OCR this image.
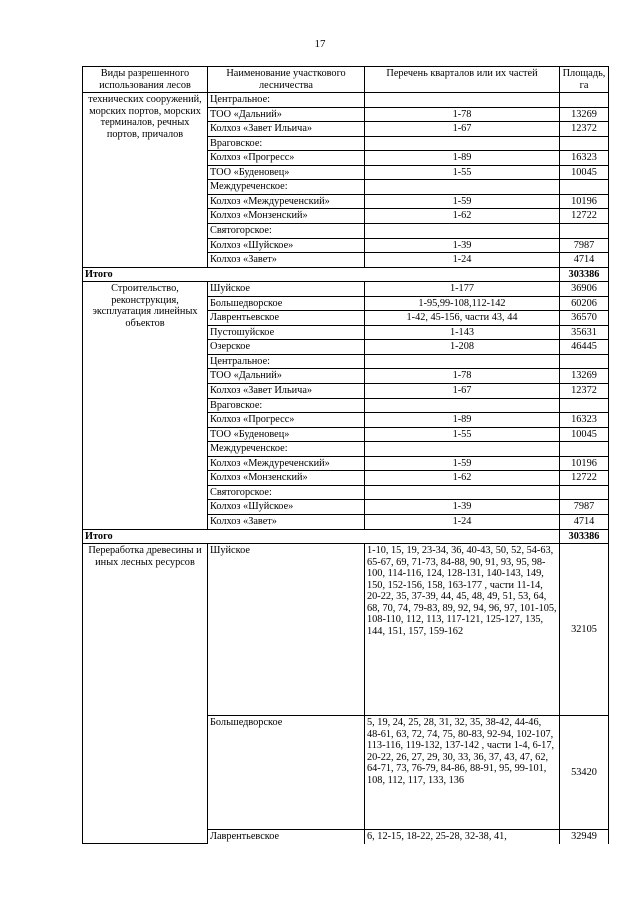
17
Виды разрешенного использования лесов	Наименование участкового лесничества	Перечень кварталов или их частей	Площадь, га
технических сооружений, морских портов, морских терминалов, речных портов, причалов	Центральное:		
	ТОО «Дальний»	1-78	13269
	Колхоз «Завет Ильича»	1-67	12372
	Враговское:		
	Колхоз «Прогресс»	1-89	16323
	ТОО «Буденовец»	1-55	10045
	Междуреченское:		
	Колхоз «Междуреченский»	1-59	10196
	Колхоз «Монзенский»	1-62	12722
	Святогорское:		
	Колхоз «Шуйское»	1-39	7987
	Колхоз «Завет»	1-24	4714
Итого			303386
Строительство, реконструкция, эксплуатация линейных объектов	Шуйское	1-177	36906
	Большедворское	1-95,99-108,112-142	60206
	Лаврентьевское	1-42, 45-156, части 43, 44	36570
	Пустошуйское	1-143	35631
	Озерское	1-208	46445
	Центральное:		
	ТОО «Дальний»	1-78	13269
	Колхоз «Завет Ильича»	1-67	12372
	Враговское:		
	Колхоз «Прогресс»	1-89	16323
	ТОО «Буденовец»	1-55	10045
	Междуреченское:		
	Колхоз «Междуреченский»	1-59	10196
	Колхоз «Монзенский»	1-62	12722
	Святогорское:		
	Колхоз «Шуйское»	1-39	7987
	Колхоз «Завет»	1-24	4714
Итого			303386
Переработка древесины и иных лесных ресурсов	Шуйское	1-10, 15, 19, 23-34, 36, 40-43, 50, 52, 54-63, 65-67, 69, 71-73, 84-88, 90, 91, 93, 95, 98-100, 114-116, 124, 128-131, 140-143, 149, 150, 152-156, 158, 163-177 , части 11-14, 20-22, 35, 37-39, 44, 45, 48, 49, 51, 53, 64, 68, 70, 74, 79-83, 89, 92, 94, 96, 97, 101-105, 108-110, 112, 113, 117-121, 125-127, 135, 144, 151, 157, 159-162	32105
	Большедворское	5, 19, 24, 25, 28, 31, 32, 35, 38-42, 44-46, 48-61, 63, 72, 74, 75, 80-83, 92-94, 102-107, 113-116, 119-132, 137-142 , части 1-4, 6-17, 20-22, 26, 27, 29, 30, 33, 36, 37, 43, 47, 62, 64-71, 73, 76-79, 84-86, 88-91, 95, 99-101, 108, 112, 117, 133, 136	53420
	Лаврентьевское	6, 12-15, 18-22, 25-28, 32-38, 41,	32949
